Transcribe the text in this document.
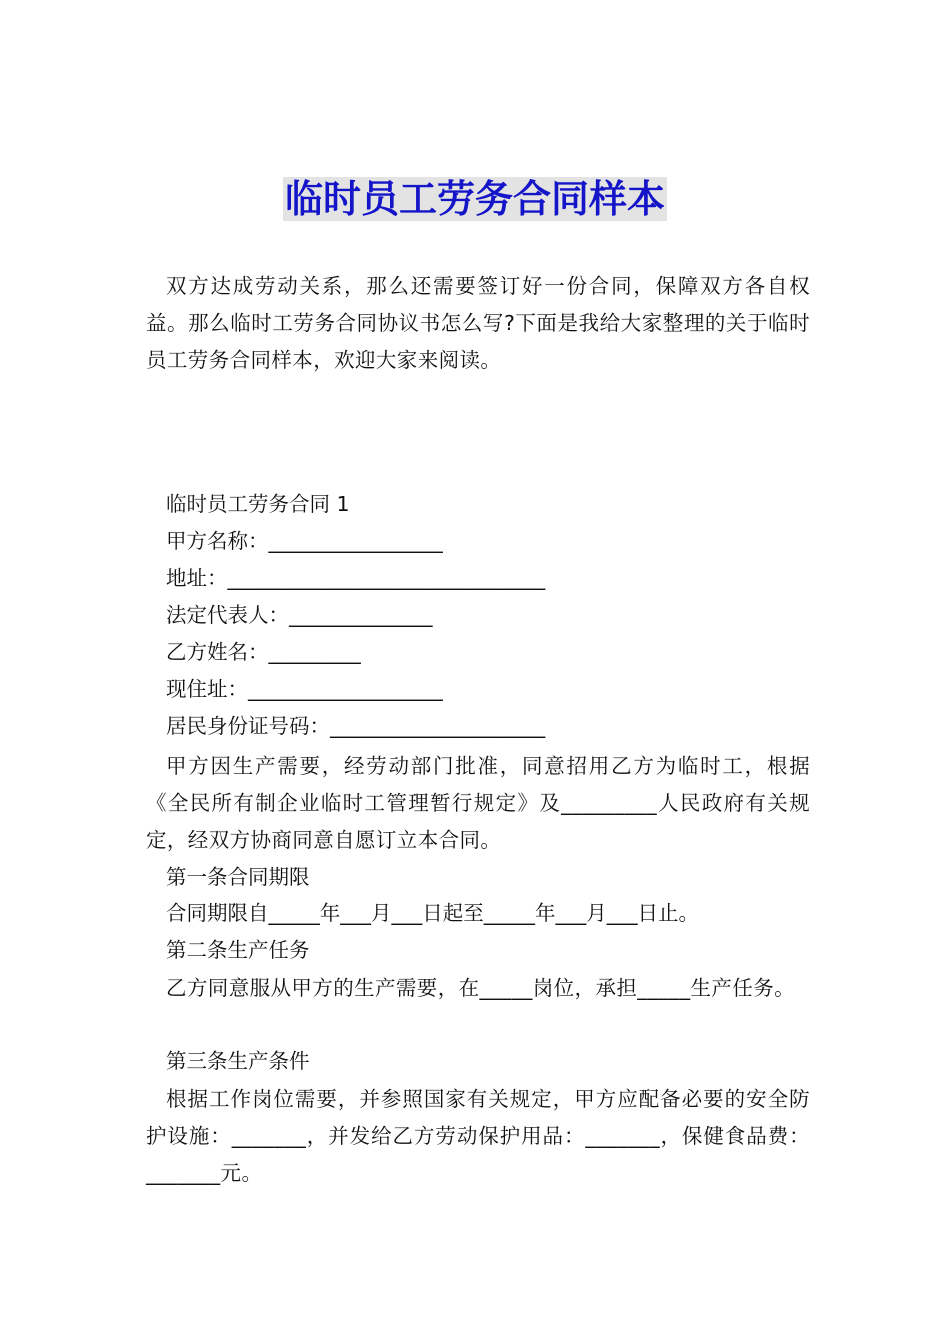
临时员工劳务合同样本

双方达成劳动关系，那么还需要签订好一份合同，保障双方各自权益。那么临时工劳务合同协议书怎么写?下面是我给大家整理的关于临时员工劳务合同样本，欢迎大家来阅读。

临时员工劳务合同 1

甲方名称：_________________

地址：_______________________________

法定代表人：______________

乙方姓名：_________

现住址：___________________

居民身份证号码：_____________________

甲方因生产需要，经劳动部门批准，同意招用乙方为临时工，根据《全民所有制企业临时工管理暂行规定》及_________人民政府有关规定，经双方协商同意自愿订立本合同。

第一条合同期限

合同期限自_____年___月___日起至_____年___月___日止。

第二条生产任务

乙方同意服从甲方的生产需要，在_____岗位，承担_____生产任务。

第三条生产条件

根据工作岗位需要，并参照国家有关规定，甲方应配备必要的安全防护设施：_______，并发给乙方劳动保护用品：_______，保健食品费：_______元。
